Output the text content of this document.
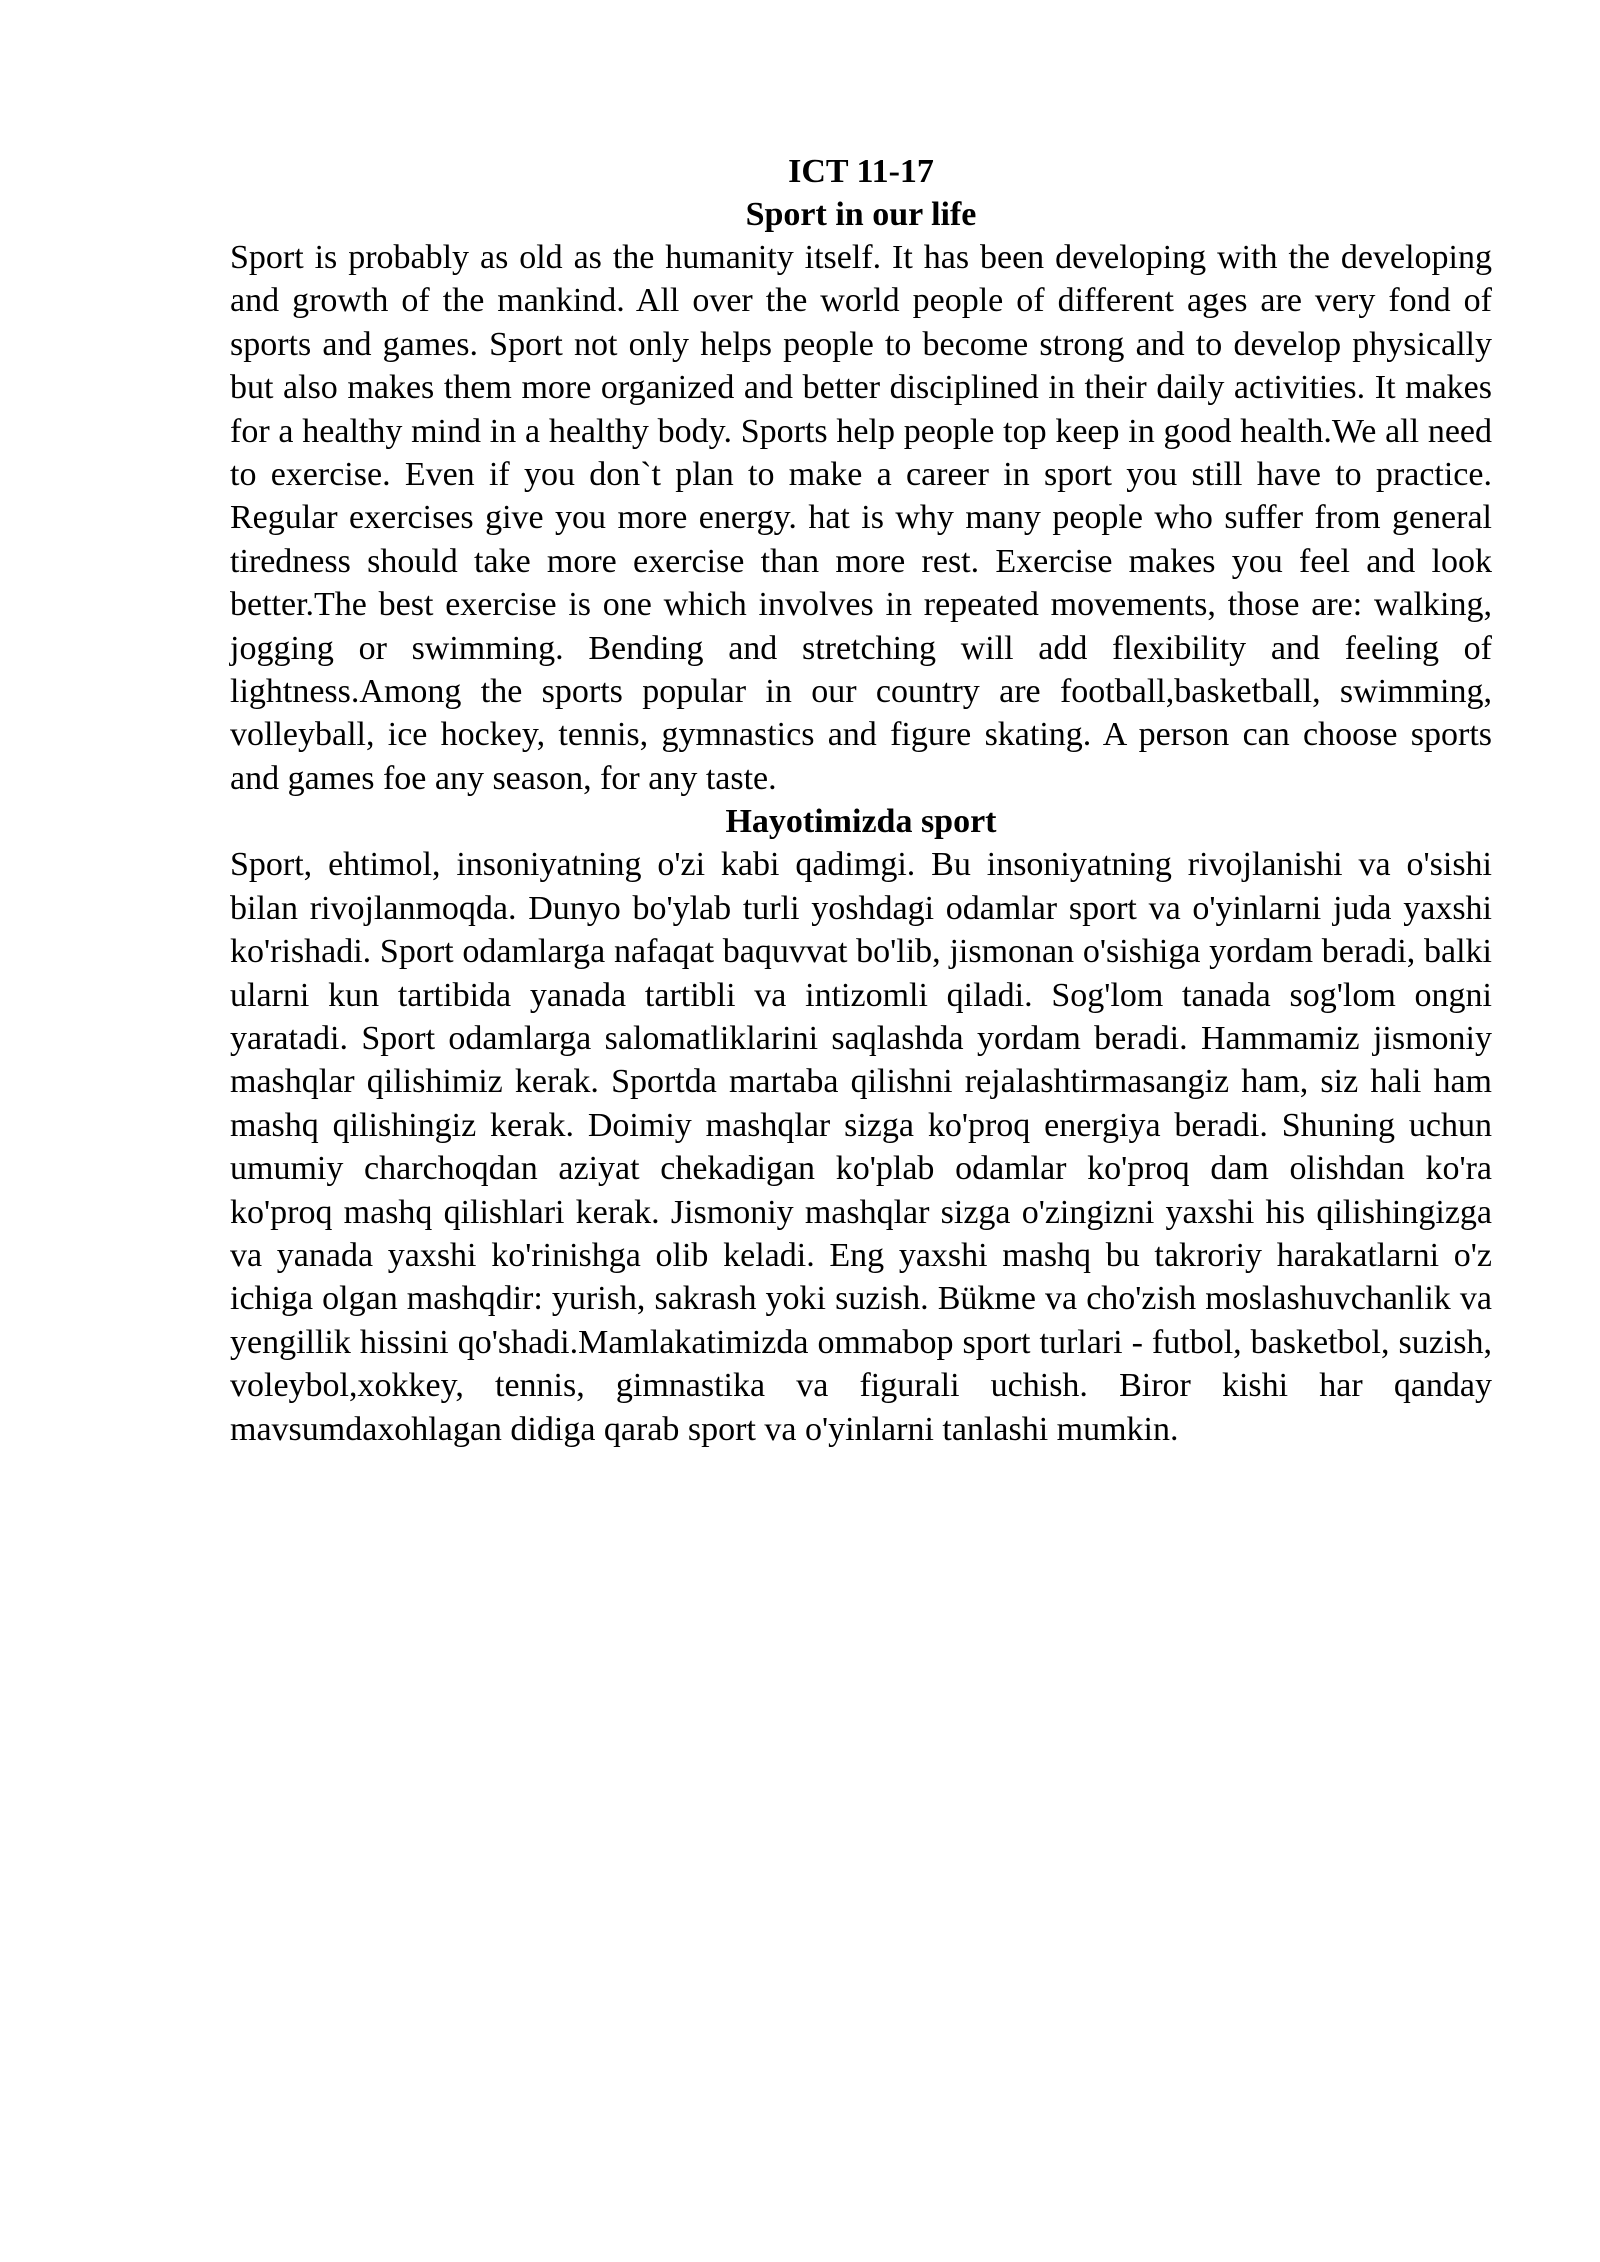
ICT 11-17
Sport in our life

Sport is probably as old as the humanity itself. It has been developing with the developing and growth of the mankind. All over the world people of different ages are very fond of sports and games. Sport not only helps people to become strong and to develop physically but also makes them more organized and better disciplined in their daily activities. It makes for a healthy mind in a healthy body. Sports help people top keep in good health.We all need to exercise. Even if you don`t plan to make a career in sport you still have to practice. Regular exercises give you more energy. hat is why many people who suffer from general tiredness should take more exercise than more rest. Exercise makes you feel and look better.The best exercise is one which involves in repeated movements, those are: walking, jogging or swimming. Bending and stretching will add flexibility and feeling of lightness.Among the sports popular in our country are football,basketball, swimming, volleyball, ice hockey, tennis, gymnastics and figure skating. A person can choose sports and games foe any season, for any taste.

Hayotimizda sport

Sport, ehtimol, insoniyatning o'zi kabi qadimgi. Bu insoniyatning rivojlanishi va o'sishi bilan rivojlanmoqda. Dunyo bo'ylab turli yoshdagi odamlar sport va o'yinlarni juda yaxshi ko'rishadi. Sport odamlarga nafaqat baquvvat bo'lib, jismonan o'sishiga yordam beradi, balki ularni kun tartibida yanada tartibli va intizomli qiladi. Sog'lom tanada sog'lom ongni yaratadi. Sport odamlarga salomatliklarini saqlashda yordam beradi. Hammamiz jismoniy mashqlar qilishimiz kerak. Sportda martaba qilishni rejalashtirmasangiz ham, siz hali ham mashq qilishingiz kerak. Doimiy mashqlar sizga ko'proq energiya beradi. Shuning uchun umumiy charchoqdan aziyat chekadigan ko'plab odamlar ko'proq dam olishdan ko'ra ko'proq mashq qilishlari kerak. Jismoniy mashqlar sizga o'zingizni yaxshi his qilishingizga va yanada yaxshi ko'rinishga olib keladi. Eng yaxshi mashq bu takroriy harakatlarni o'z ichiga olgan mashqdir: yurish, sakrash yoki suzish. Bükme va cho'zish moslashuvchanlik va yengillik hissini qo'shadi.Mamlakatimizda ommabop sport turlari - futbol, basketbol, suzish, voleybol,xokkey, tennis, gimnastika va figurali uchish. Biror kishi har qanday mavsumdaxohlagan didiga qarab sport va o'yinlarni tanlashi mumkin.
